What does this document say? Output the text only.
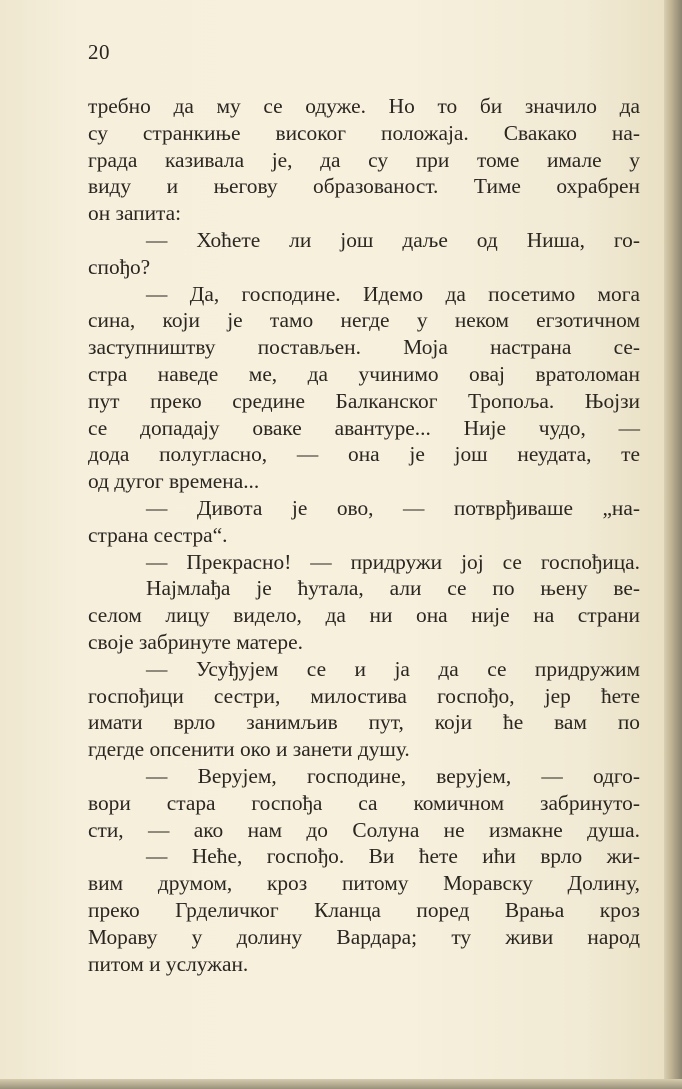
20
требно да му се одуже. Но то би значило да
су странкиње високог положаја. Свакако на-
града казивала је, да су при томе имале у
виду и његову образованост. Тиме охрабрен
он запита:
— Хоћете ли још даље од Ниша, го-
спођо?
— Да, господине. Идемо да посетимо мога
сина, који је тамо негде у неком егзотичном
заступништву постављен. Моја настрана се-
стра наведе ме, да учинимо овај вратоломан
пут преко средине Балканског Тропоља. Њојзи
се допадају оваке авантуре... Није чудо, —
дода полугласно, — она је још неудата, те
од дугог времена...
— Дивота је ово, — потврђиваше „на-
страна сестра“.
— Прекрасно! — придружи јој се госпођица.
Најмлађа је ћутала, али се по њену ве-
селом лицу видело, да ни она није на страни
своје забринуте матере.
— Усуђујем се и ја да се придружим
госпођици сестри, милостива госпођо, јер ћете
имати врло занимљив пут, који ће вам по
гдегде опсенити око и занети душу.
— Верујем, господине, верујем, — одго-
вори стара госпођа са комичном забринуто-
сти, — ако нам до Солуна не измакне душа.
— Неће, госпођо. Ви ћете ићи врло жи-
вим друмом, кроз питому Моравску Долину,
преко Грделичког Кланца поред Врања кроз
Мораву у долину Вардара; ту живи народ
питом и услужан.
